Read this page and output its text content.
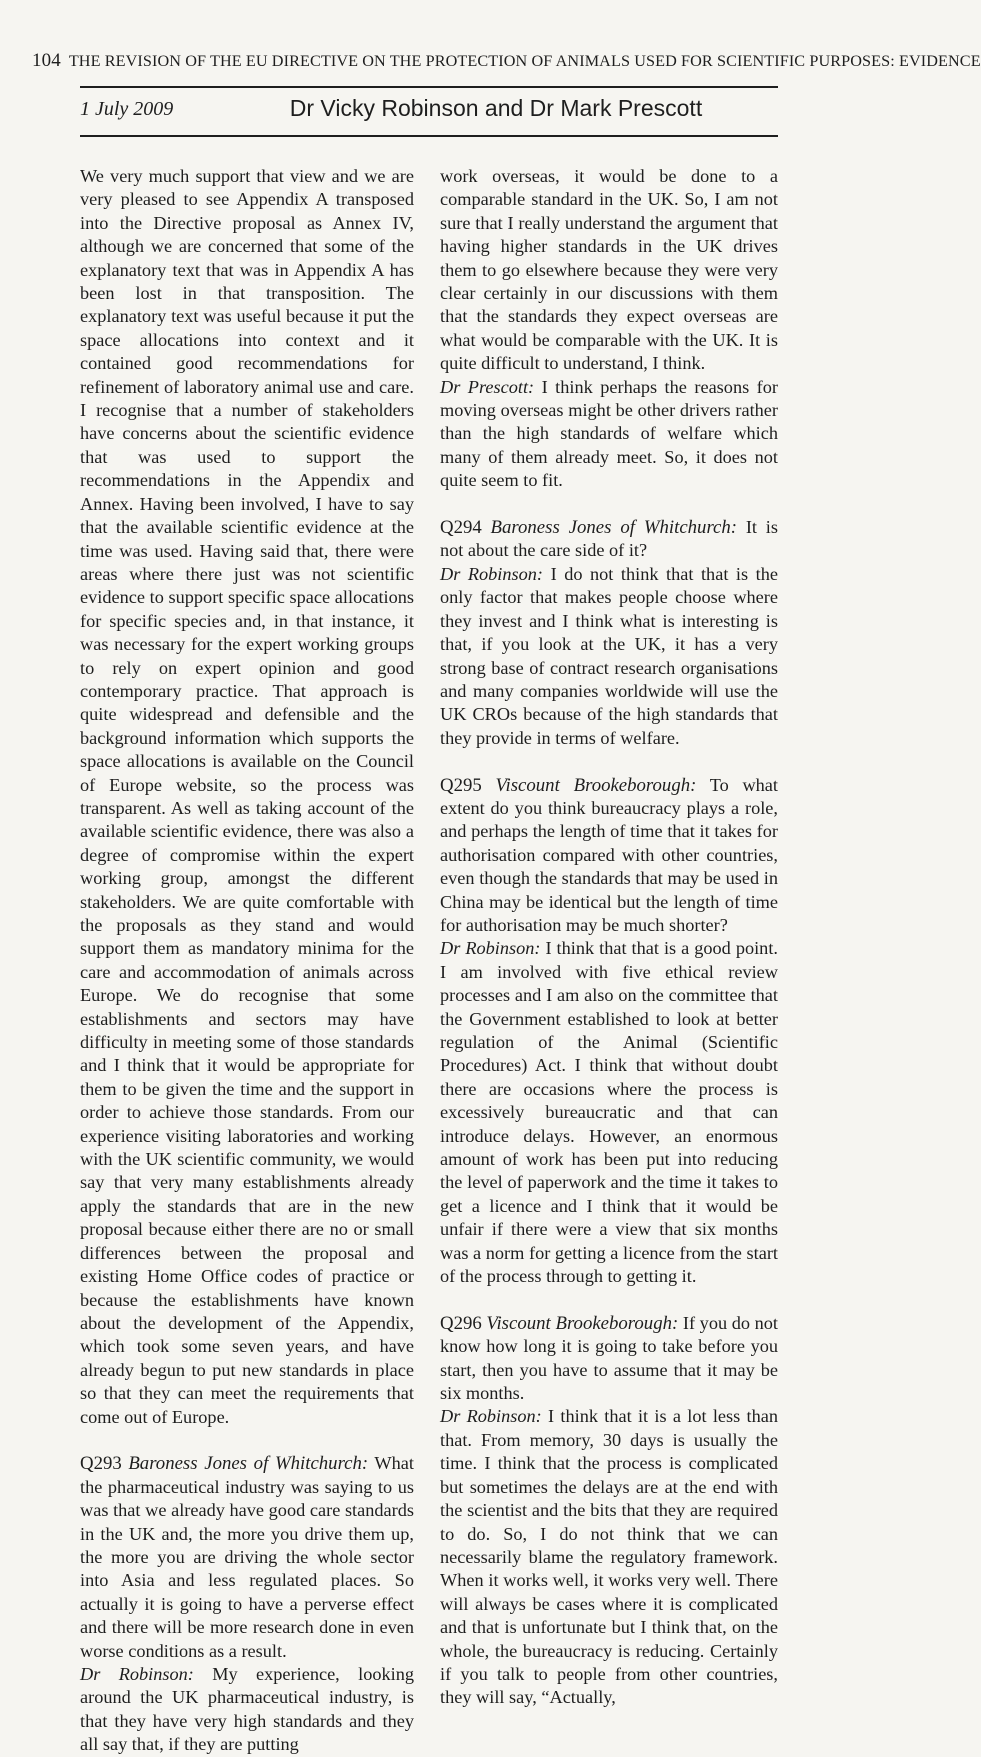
104 THE REVISION OF THE EU DIRECTIVE ON THE PROTECTION OF ANIMALS USED FOR SCIENTIFIC PURPOSES: EVIDENCE
1 July 2009	Dr Vicky Robinson and Dr Mark Prescott

We very much support that view and we are very pleased to see Appendix A transposed into the Directive proposal as Annex IV, although we are concerned that some of the explanatory text that was in Appendix A has been lost in that transposition. The explanatory text was useful because it put the space allocations into context and it contained good recommendations for refinement of laboratory animal use and care. I recognise that a number of stakeholders have concerns about the scientific evidence that was used to support the recommendations in the Appendix and Annex. Having been involved, I have to say that the available scientific evidence at the time was used. Having said that, there were areas where there just was not scientific evidence to support specific space allocations for specific species and, in that instance, it was necessary for the expert working groups to rely on expert opinion and good contemporary practice. That approach is quite widespread and defensible and the background information which supports the space allocations is available on the Council of Europe website, so the process was transparent. As well as taking account of the available scientific evidence, there was also a degree of compromise within the expert working group, amongst the different stakeholders. We are quite comfortable with the proposals as they stand and would support them as mandatory minima for the care and accommodation of animals across Europe. We do recognise that some establishments and sectors may have difficulty in meeting some of those standards and I think that it would be appropriate for them to be given the time and the support in order to achieve those standards. From our experience visiting laboratories and working with the UK scientific community, we would say that very many establishments already apply the standards that are in the new proposal because either there are no or small differences between the proposal and existing Home Office codes of practice or because the establishments have known about the development of the Appendix, which took some seven years, and have already begun to put new standards in place so that they can meet the requirements that come out of Europe.

Q293 Baroness Jones of Whitchurch: What the pharmaceutical industry was saying to us was that we already have good care standards in the UK and, the more you drive them up, the more you are driving the whole sector into Asia and less regulated places. So actually it is going to have a perverse effect and there will be more research done in even worse conditions as a result.

Dr Robinson: My experience, looking around the UK pharmaceutical industry, is that they have very high standards and they all say that, if they are putting

work overseas, it would be done to a comparable standard in the UK. So, I am not sure that I really understand the argument that having higher standards in the UK drives them to go elsewhere because they were very clear certainly in our discussions with them that the standards they expect overseas are what would be comparable with the UK. It is quite difficult to understand, I think.

Dr Prescott: I think perhaps the reasons for moving overseas might be other drivers rather than the high standards of welfare which many of them already meet. So, it does not quite seem to fit.

Q294 Baroness Jones of Whitchurch: It is not about the care side of it?

Dr Robinson: I do not think that that is the only factor that makes people choose where they invest and I think what is interesting is that, if you look at the UK, it has a very strong base of contract research organisations and many companies worldwide will use the UK CROs because of the high standards that they provide in terms of welfare.

Q295 Viscount Brookeborough: To what extent do you think bureaucracy plays a role, and perhaps the length of time that it takes for authorisation compared with other countries, even though the standards that may be used in China may be identical but the length of time for authorisation may be much shorter?

Dr Robinson: I think that that is a good point. I am involved with five ethical review processes and I am also on the committee that the Government established to look at better regulation of the Animal (Scientific Procedures) Act. I think that without doubt there are occasions where the process is excessively bureaucratic and that can introduce delays. However, an enormous amount of work has been put into reducing the level of paperwork and the time it takes to get a licence and I think that it would be unfair if there were a view that six months was a norm for getting a licence from the start of the process through to getting it.

Q296 Viscount Brookeborough: If you do not know how long it is going to take before you start, then you have to assume that it may be six months.

Dr Robinson: I think that it is a lot less than that. From memory, 30 days is usually the time. I think that the process is complicated but sometimes the delays are at the end with the scientist and the bits that they are required to do. So, I do not think that we can necessarily blame the regulatory framework. When it works well, it works very well. There will always be cases where it is complicated and that is unfortunate but I think that, on the whole, the bureaucracy is reducing. Certainly if you talk to people from other countries, they will say, “Actually,
